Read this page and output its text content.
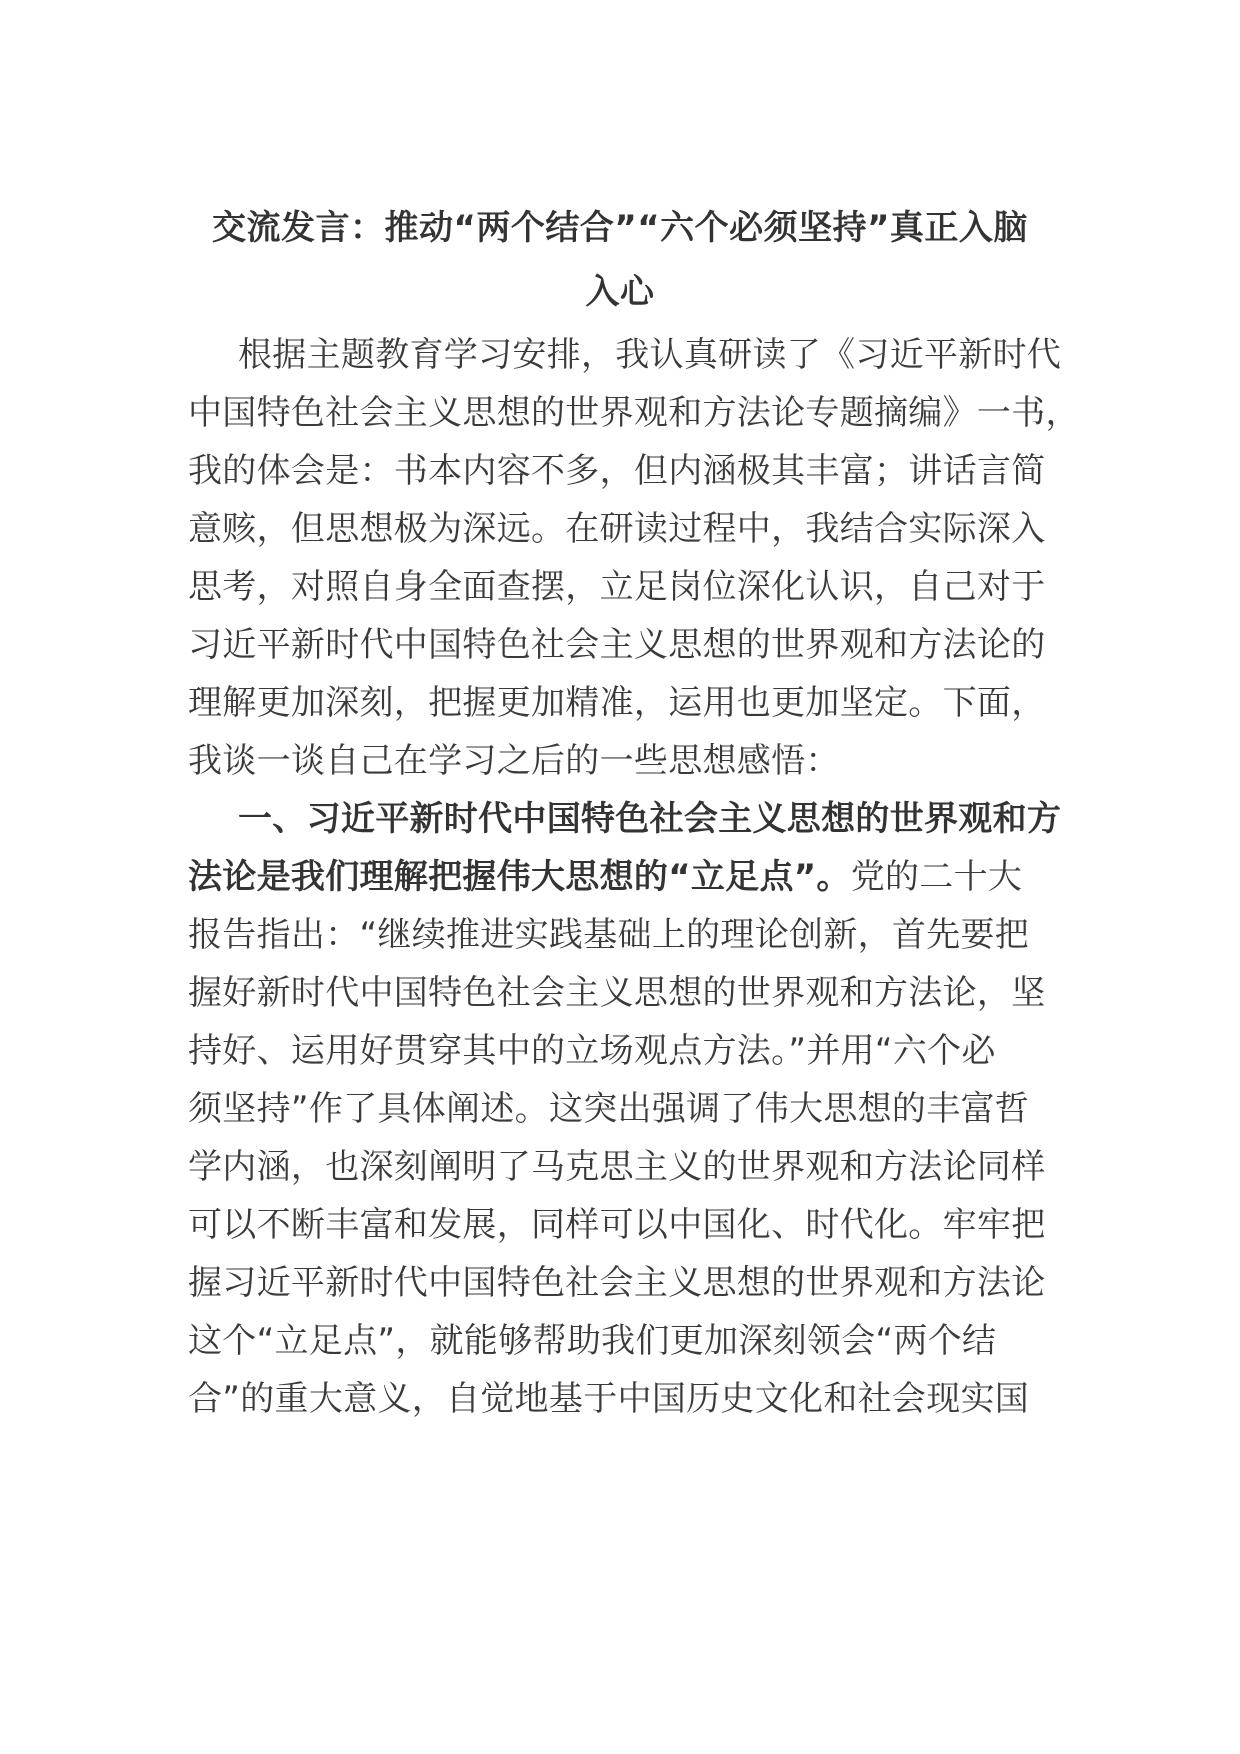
交流发言：推动“两个结合”“六个必须坚持”真正入脑
入心
根据主题教育学习安排，我认真研读了《习近平新时代
中国特色社会主义思想的世界观和方法论专题摘编》一书，
我的体会是：书本内容不多，但内涵极其丰富；讲话言简
意赅，但思想极为深远。在研读过程中，我结合实际深入
思考，对照自身全面查摆，立足岗位深化认识，自己对于
习近平新时代中国特色社会主义思想的世界观和方法论的
理解更加深刻，把握更加精准，运用也更加坚定。下面，
我谈一谈自己在学习之后的一些思想感悟：
一、习近平新时代中国特色社会主义思想的世界观和方
法论是我们理解把握伟大思想的“立足点”。党的二十大
报告指出：“继续推进实践基础上的理论创新，首先要把
握好新时代中国特色社会主义思想的世界观和方法论，坚
持好、运用好贯穿其中的立场观点方法。”并用“六个必
须坚持”作了具体阐述。这突出强调了伟大思想的丰富哲
学内涵，也深刻阐明了马克思主义的世界观和方法论同样
可以不断丰富和发展，同样可以中国化、时代化。牢牢把
握习近平新时代中国特色社会主义思想的世界观和方法论
这个“立足点”，就能够帮助我们更加深刻领会“两个结
合”的重大意义，自觉地基于中国历史文化和社会现实国
